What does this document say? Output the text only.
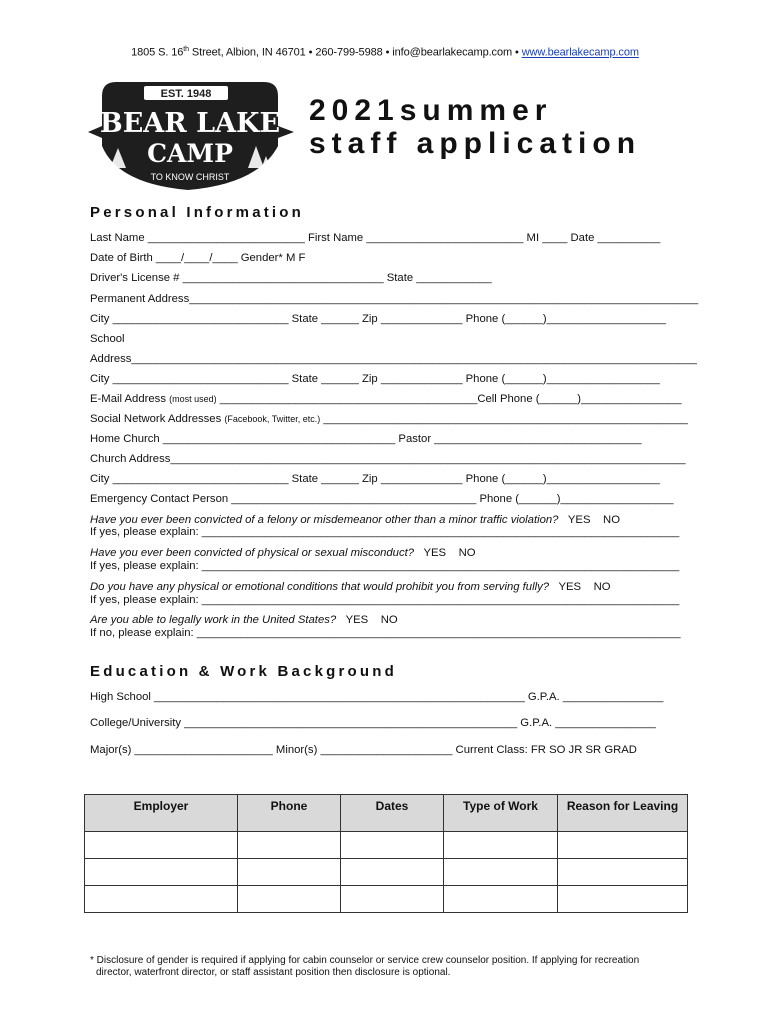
1805 S. 16th Street, Albion, IN 46701 • 260-799-5988 • info@bearlakecamp.com • www.bearlakecamp.com
EST. 1948
BEAR LAKE
CAMP
TO KNOW CHRIST
2021summer
staff application
Personal Information
Last Name _________________________ First Name _________________________ MI ____ Date __________
Date of Birth ____/____/____ Gender* M F
Driver's License # ________________________________ State ____________
Permanent Address_________________________________________________________________________________
City ____________________________ State ______ Zip _____________ Phone (______)___________________
School
Address__________________________________________________________________________________________
City ____________________________ State ______ Zip _____________ Phone (______)__________________
E-Mail Address (most used) _________________________________________Cell Phone (______)________________
Social Network Addresses (Facebook, Twitter, etc.) __________________________________________________________
Home Church _____________________________________ Pastor _________________________________
Church Address__________________________________________________________________________________
City ____________________________ State ______ Zip _____________ Phone (______)__________________
Emergency Contact Person _______________________________________ Phone (______)__________________
Have you ever been convicted of a felony or misdemeanor other than a minor traffic violation? YES NO
If yes, please explain: ____________________________________________________________________________
Have you ever been convicted of physical or sexual misconduct? YES NO
If yes, please explain: ____________________________________________________________________________
Do you have any physical or emotional conditions that would prohibit you from serving fully? YES NO
If yes, please explain: ____________________________________________________________________________
Are you able to legally work in the United States? YES NO
If no, please explain: _____________________________________________________________________________
Education & Work Background
High School ___________________________________________________________ G.P.A. ________________
College/University _____________________________________________________ G.P.A. ________________
Major(s) ______________________ Minor(s) _____________________ Current Class: FR SO JR SR GRAD
Employer	Phone	Dates	Type of Work	Reason for Leaving

* Disclosure of gender is required if applying for cabin counselor or service crew counselor position. If applying for recreation
director, waterfront director, or staff assistant position then disclosure is optional.
